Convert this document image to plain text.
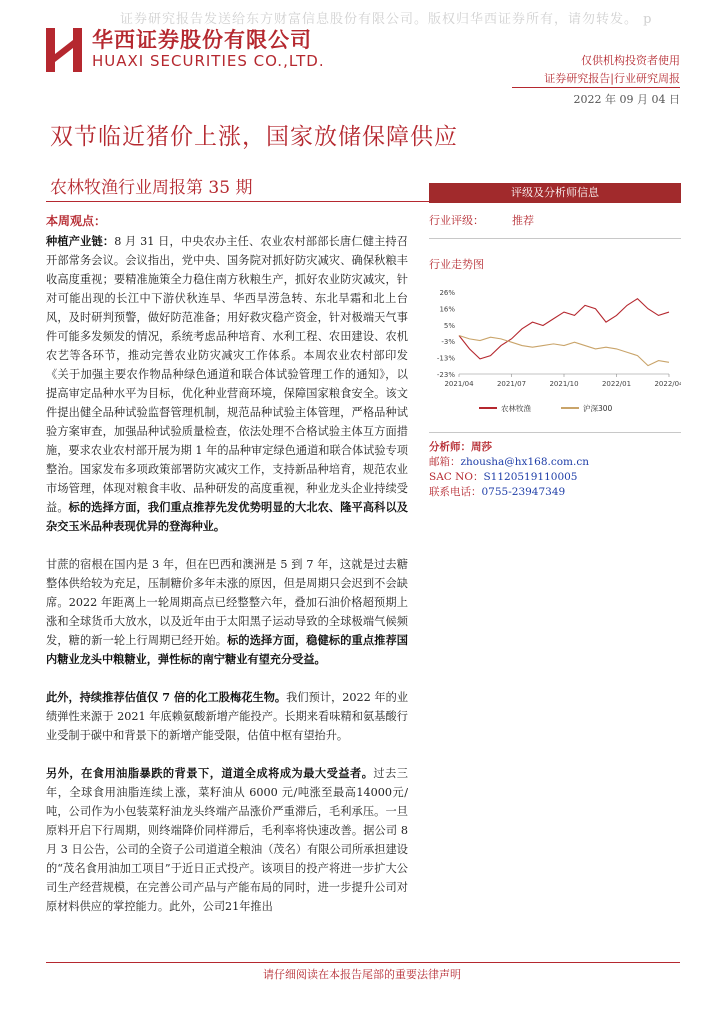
证券研究报告发送给东方财富信息股份有限公司。版权归华西证券所有，请勿转发。 p
华西证券股份有限公司
HUAXI SECURITIES CO.,LTD.	仅供机构投资者使用
证券研究报告|行业研究周报
2022 年 09 月 04 日
双节临近猪价上涨，国家放储保障供应
农林牧渔行业周报第 35 期
本周观点：

种植产业链：8 月 31 日，中央农办主任、农业农村部部长唐仁健主持召开部常务会议。会议指出，党中央、国务院对抓好防灾减灾、确保秋粮丰收高度重视；要精准施策全力稳住南方秋粮生产，抓好农业防灾减灾，针对可能出现的长江中下游伏秋连旱、华西旱涝急转、东北旱霜和北上台风，及时研判预警，做好防范准备；用好救灾稳产资金，针对极端天气事件可能多发频发的情况，系统考虑品种培育、水利工程、农田建设、农机农艺等各环节，推动完善农业防灾减灾工作体系。本周农业农村部印发《关于加强主要农作物品种绿色通道和联合体试验管理工作的通知》，以提高审定品种水平为目标，优化种业营商环境，保障国家粮食安全。该文件提出健全品种试验监督管理机制，规范品种试验主体管理，严格品种试验方案审查，加强品种试验质量检查，依法处理不合格试验主体互方面措施，要求农业农村部开展为期 1 年的品种审定绿色通道和联合体试验专项整治。国家发布多项政策部署防灾减灾工作，支持新品种培育，规范农业市场管理，体现对粮食丰收、品种研发的高度重视，种业龙头企业持续受益。标的选择方面，我们重点推荐先发优势明显的大北农、隆平高科以及杂交玉米品种表现优异的登海种业。

甘蔗的宿根在国内是 3 年，但在巴西和澳洲是 5 到 7 年，这就是过去糖整体供给较为充足，压制糖价多年未涨的原因，但是周期只会迟到不会缺席。2022 年距离上一轮周期高点已经整整六年，叠加石油价格超预期上涨和全球货币大放水，以及近年由于太阳黑子运动导致的全球极端气候频发，糖的新一轮上行周期已经开始。标的选择方面，稳健标的重点推荐国内糖业龙头中粮糖业，弹性标的南宁糖业有望充分受益。

此外，持续推荐估值仅 7 倍的化工股梅花生物。我们预计，2022 年的业绩弹性来源于 2021 年底赖氨酸新增产能投产。长期来看味精和氨基酸行业受制于碳中和背景下的新增产能受限，估值中枢有望抬升。

另外，在食用油脂暴跌的背景下，道道全成将成为最大受益者。过去三年，全球食用油脂连续上涨，菜籽油从 6000 元/吨涨至最高14000元/吨，公司作为小包装菜籽油龙头终端产品涨价严重滞后，毛利承压。一旦原料开启下行周期，则终端降价同样滞后，毛利率将快速改善。据公司 8 月 3 日公告，公司的全资子公司道道全粮油（茂名）有限公司所承担建设的“茂名食用油加工项目”于近日正式投产。该项目的投产将进一步扩大公司生产经营规模，在完善公司产品与产能布局的同时，进一步提升公司对原材料供应的掌控能力。此外，公司21年推出

评级及分析师信息
行业评级：	推荐
行业走势图
26%
16%
5%
-3%
-13%
-23%
2021/04	2021/07	2021/10	2022/01	2022/04
农林牧渔	沪深300
分析师：周莎
邮箱：zhousha@hx168.com.cn
SAC NO：S1120519110005
联系电话：0755-23947349
请仔细阅读在本报告尾部的重要法律声明
